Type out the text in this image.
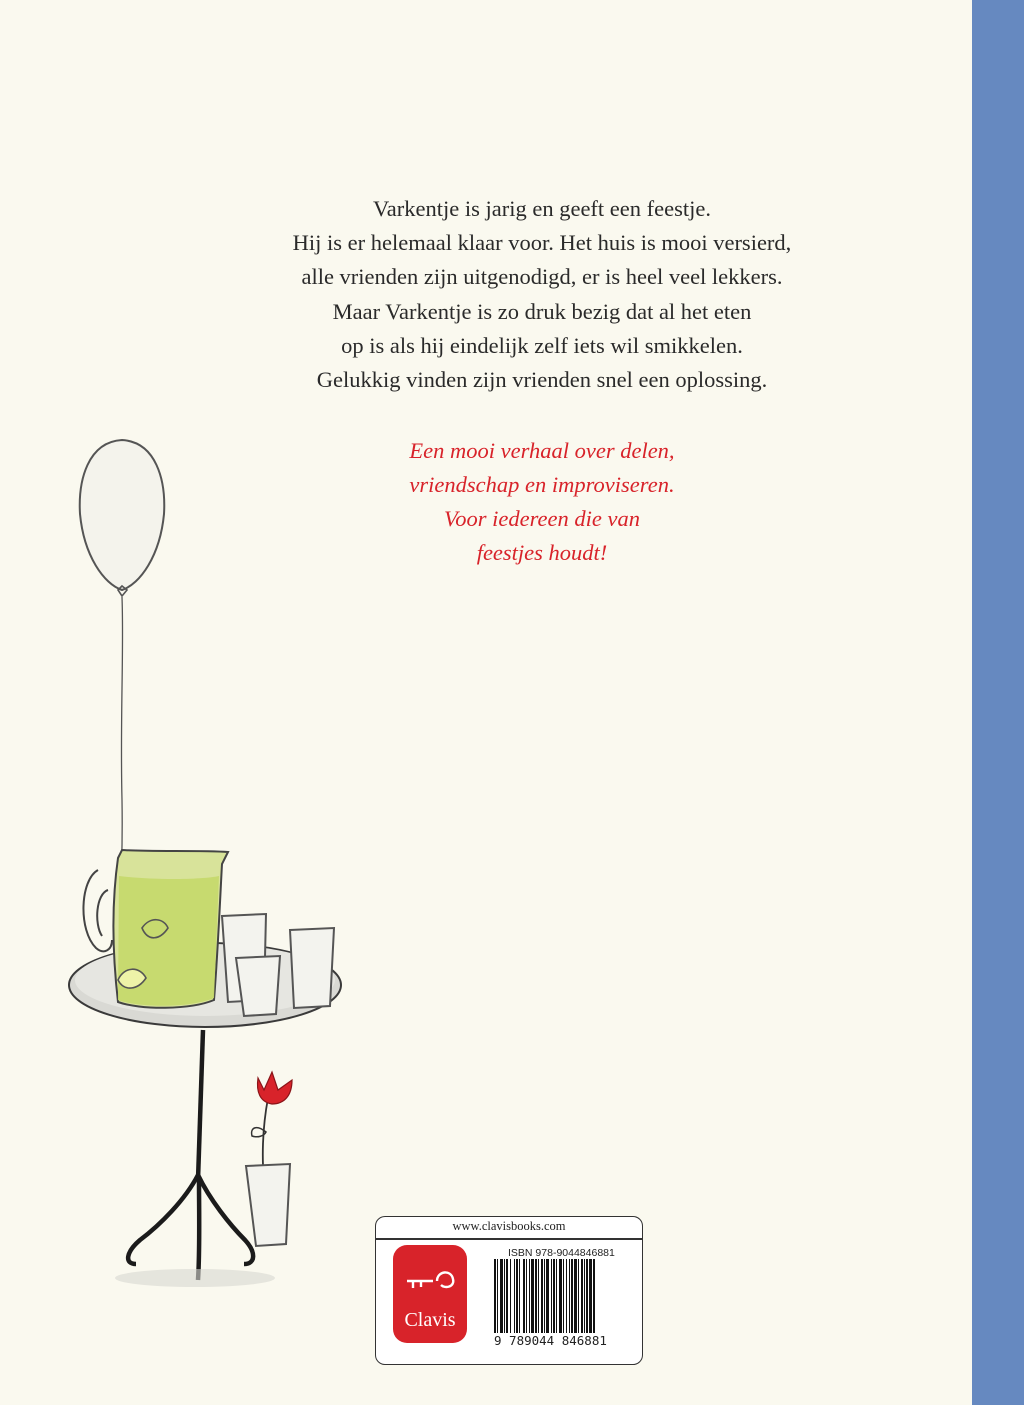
Varkentje is jarig en geeft een feestje.
Hij is er helemaal klaar voor. Het huis is mooi versierd,
alle vrienden zijn uitgenodigd, er is heel veel lekkers.
Maar Varkentje is zo druk bezig dat al het eten
op is als hij eindelijk zelf iets wil smikkelen.
Gelukkig vinden zijn vrienden snel een oplossing.
Een mooi verhaal over delen,
vriendschap en improviseren.
Voor iedereen die van
feestjes houdt!
www.clavisbooks.com
Clavis
ISBN 978-9044846881
9 789044 846881
